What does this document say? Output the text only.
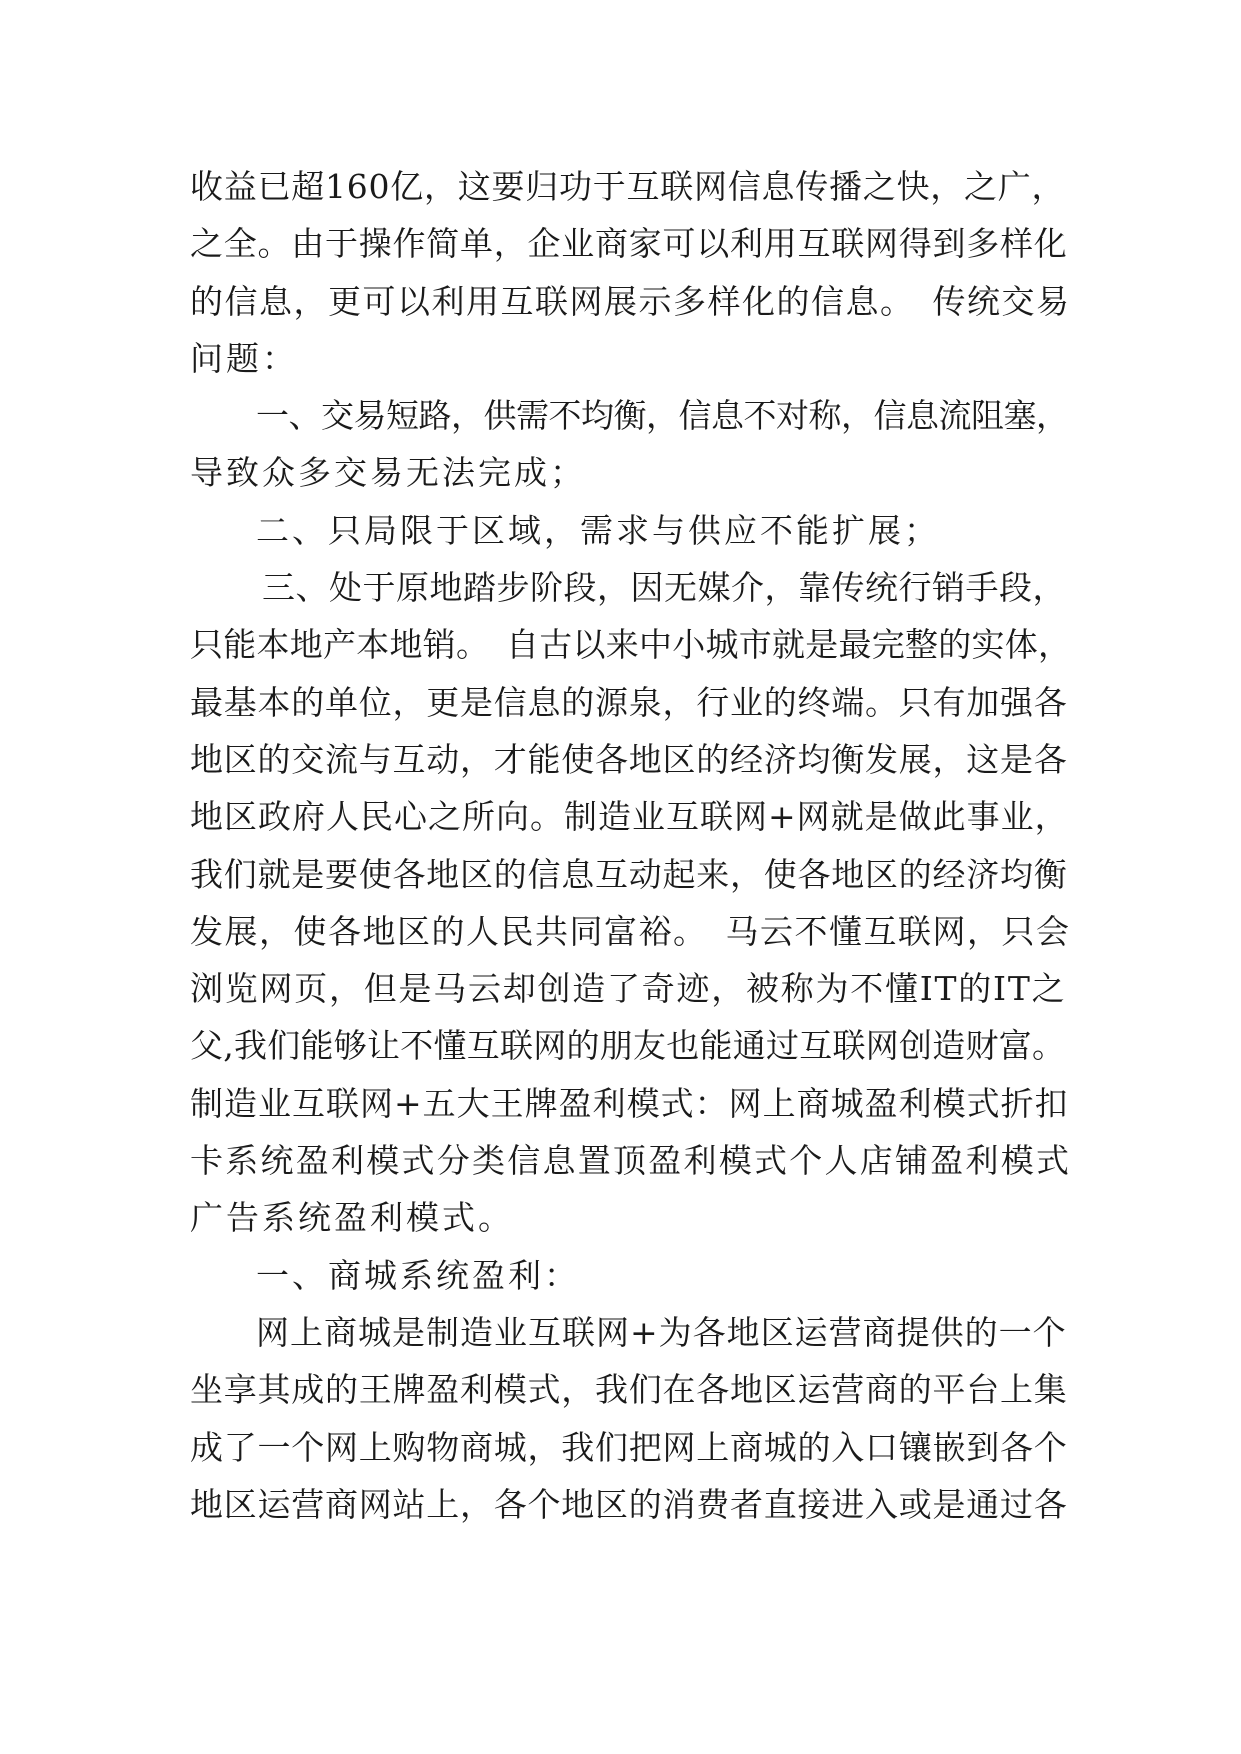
收益已超160亿，这要归功于互联网信息传播之快，之广，
之全。由于操作简单，企业商家可以利用互联网得到多样化
的信息，更可以利用互联网展示多样化的信息。　传统交易
问题：
一、交易短路，供需不均衡，信息不对称，信息流阻塞，
导致众多交易无法完成；
二、只局限于区域，需求与供应不能扩展；
三、处于原地踏步阶段，因无媒介，靠传统行销手段，
只能本地产本地销。　自古以来中小城市就是最完整的实体，
最基本的单位，更是信息的源泉，行业的终端。只有加强各
地区的交流与互动，才能使各地区的经济均衡发展，这是各
地区政府人民心之所向。制造业互联网+网就是做此事业，
我们就是要使各地区的信息互动起来，使各地区的经济均衡
发展，使各地区的人民共同富裕。　马云不懂互联网，只会
浏览网页，但是马云却创造了奇迹，被称为不懂IT的IT之
父,我们能够让不懂互联网的朋友也能通过互联网创造财富。
制造业互联网+五大王牌盈利模式：网上商城盈利模式折扣
卡系统盈利模式分类信息置顶盈利模式个人店铺盈利模式
广告系统盈利模式。
一、商城系统盈利：
网上商城是制造业互联网+为各地区运营商提供的一个
坐享其成的王牌盈利模式，我们在各地区运营商的平台上集
成了一个网上购物商城，我们把网上商城的入口镶嵌到各个
地区运营商网站上，各个地区的消费者直接进入或是通过各
